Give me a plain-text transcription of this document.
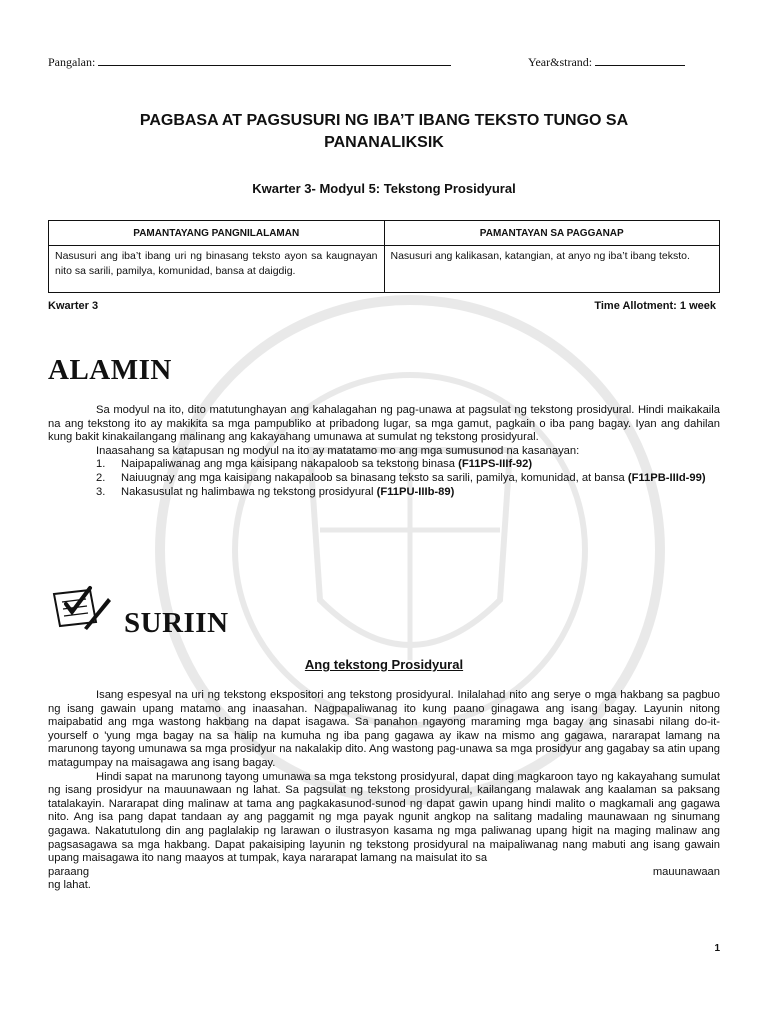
Pangalan:	Year&strand:
PAGBASA AT PAGSUSURI NG IBA’T IBANG TEKSTO TUNGO SA
PANANALIKSIK
Kwarter 3- Modyul 5: Tekstong Prosidyural
PAMANTAYANG PANGNILALAMAN	PAMANTAYAN SA PAGGANAP
Nasusuri ang iba’t ibang uri ng binasang teksto ayon sa kaugnayan nito sa sarili, pamilya, komunidad, bansa at daigdig.	Nasusuri ang kalikasan, katangian, at anyo ng iba’t ibang teksto.
Kwarter 3	Time Allotment: 1 week
ALAMIN

Sa modyul na ito, dito matutunghayan ang kahalagahan ng pag-unawa at pagsulat ng tekstong prosidyural. Hindi maikakaila na ang tekstong ito ay makikita sa mga pampubliko at pribadong lugar, sa mga gamut, pagkain o iba pang bagay. Iyan ang dahilan kung bakit kinakailangang malinang ang kakayahang umunawa at sumulat ng tekstong prosidyural.

Inaasahang sa katapusan ng modyul na ito ay matatamo mo ang mga sumusunod na kasanayan:

1. Naipapaliwanag ang mga kaisipang nakapaloob sa tekstong binasa (F11PS-IIIf-92)
2. Naiuugnay ang mga kaisipang nakapaloob sa binasang teksto sa sarili, pamilya, komunidad, at bansa (F11PB-IIId-99)
3. Nakasusulat ng halimbawa ng tekstong prosidyural (F11PU-IIIb-89)
SURIIN
Ang tekstong Prosidyural

Isang espesyal na uri ng tekstong ekspositori ang tekstong prosidyural. Inilalahad nito ang serye o mga hakbang sa pagbuo ng isang gawain upang matamo ang inaasahan. Nagpapaliwanag ito kung paano ginagawa ang isang bagay. Layunin nitong maipabatid ang mga wastong hakbang na dapat isagawa. Sa panahon ngayong maraming mga bagay ang sinasabi nilang do-it-yourself o 'yung mga bagay na sa halip na kumuha ng iba pang gagawa ay ikaw na mismo ang gagawa, nararapat lamang na marunong tayong umunawa sa mga prosidyur na nakalakip dito. Ang wastong pag-unawa sa mga prosidyur ang gagabay sa atin upang matagumpay na maisagawa ang isang bagay.

Hindi sapat na marunong tayong umunawa sa mga tekstong prosidyural, dapat ding magkaroon tayo ng kakayahang sumulat ng isang prosidyur na mauunawaan ng lahat. Sa pagsulat ng tekstong prosidyural, kailangang malawak ang kaalaman sa paksang tatalakayin. Nararapat ding malinaw at tama ang pagkakasunod-sunod ng dapat gawin upang hindi malito o magkamali ang gagawa nito. Ang isa pang dapat tandaan ay ang paggamit ng mga payak ngunit angkop na salitang madaling maunawaan ng sinumang gagawa. Nakatutulong din ang paglalakip ng larawan o ilustrasyon kasama ng mga paliwanag upang higit na maging malinaw ang pagsasagawa sa mga hakbang. Dapat pakaisiping layunin ng tekstong prosidyural na maipaliwanag nang mabuti ang isang gawain upang maisagawa ito nang maayos at tumpak, kaya nararapat lamang na maisulat ito sa

paraang	mauunawaan
ng lahat.
1
